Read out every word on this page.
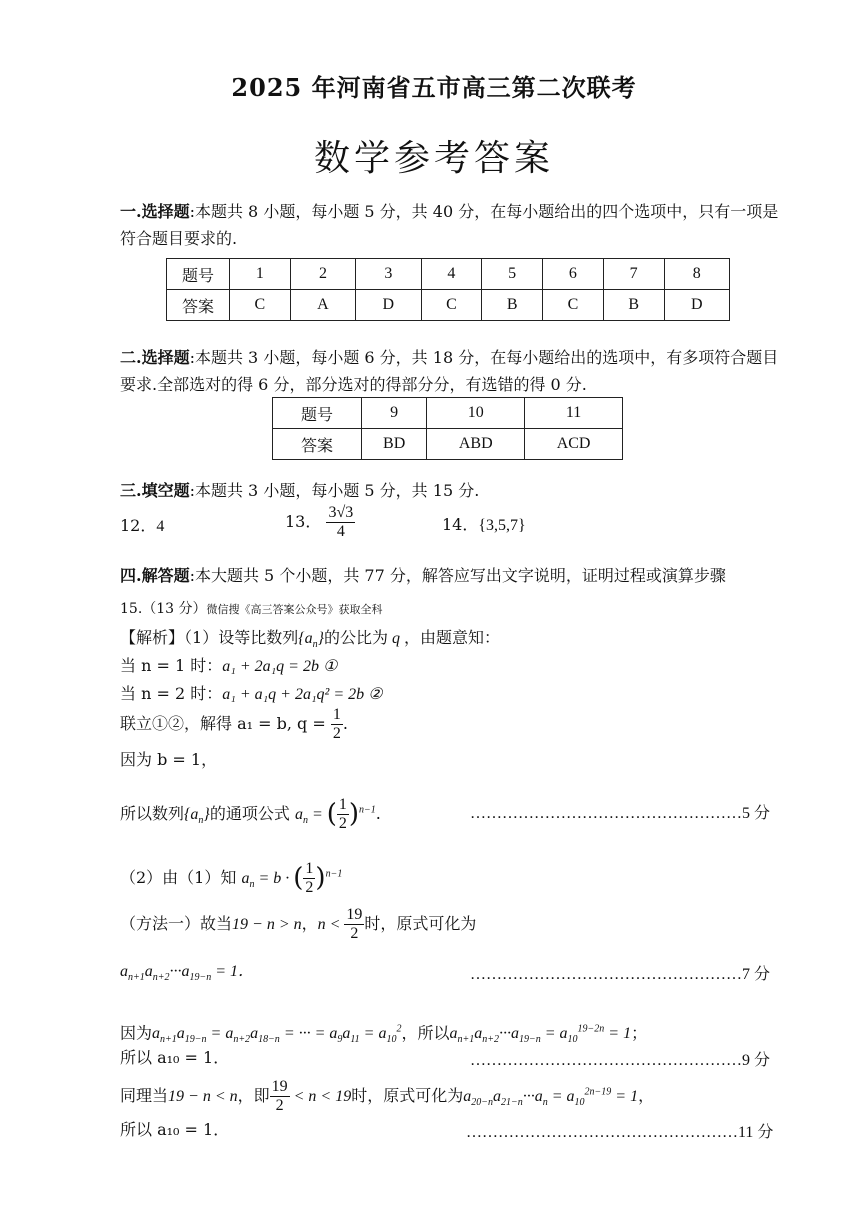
2025 年河南省五市高三第二次联考
数学参考答案
一.选择题:本题共 8 小题，每小题 5 分，共 40 分，在每小题给出的四个选项中，只有一项是
符合题目要求的.
题号	1	2	3	4	5	6	7	8
答案	C	A	D	C	B	C	B	D
二.选择题:本题共 3 小题，每小题 6 分，共 18 分，在每小题给出的选项中，有多项符合题目
要求.全部选对的得 6 分，部分选对的得部分分，有选错的得 0 分.
题号	9	10	11
答案	BD	ABD	ACD
三.填空题:本题共 3 小题，每小题 5 分，共 15 分.
12．4	13． $\frac{3√3}{4}$	14．{3,5,7}
四.解答题:本大题共 5 个小题，共 77 分，解答应写出文字说明，证明过程或演算步骤
15.（13 分）微信搜《高三答案公众号》获取全科
【解析】（1）设等比数列$\{a_n\}$的公比为 q ，由题意知：
当 n = 1 时：a₁ + 2a₁q = 2b ①
当 n = 2 时：a₁ + a₁q + 2a₁q² = 2b ②
联立①②，解得 a₁ = b, $q = \frac{1}{2}$ .
因为 b = 1，
所以数列$\{a_n\}$的通项公式 $a_n$ = ( $\frac{1}{2} )^{n-1}$.	……………………………………………5 分
（2）由（1）知 $a_n = b$ · ( $\frac{1}{2} )^{n-1}$
（方法一）故当19 − n > n，$n < \frac{19}{2}$ 时，原式可化为
$a_{n+1}a_{n+2}\cdot\cdot\cdot a_{19-n} = 1$．	……………………………………………7 分
因为$a_{n+1}a_{19-n} = a_{n+2}a_{18-n}$ = ··· = $a_9a_{11} = a_{10}^2$，所以$a_{n+1}a_{n+2}\cdot\cdot\cdot a_{19-n} = a_{10}^{19-2n} = 1$；
所以 a₁₀ = 1．	……………………………………………9 分
同理当19 − n < n，即 $\frac{19}{2} < n < 19$时，原式可化为$a_{20-n}a_{21-n}\cdot\cdot\cdot a_n = a_{10}^{2n-19} = 1$，
所以 a₁₀ = 1．	……………………………………………11 分
